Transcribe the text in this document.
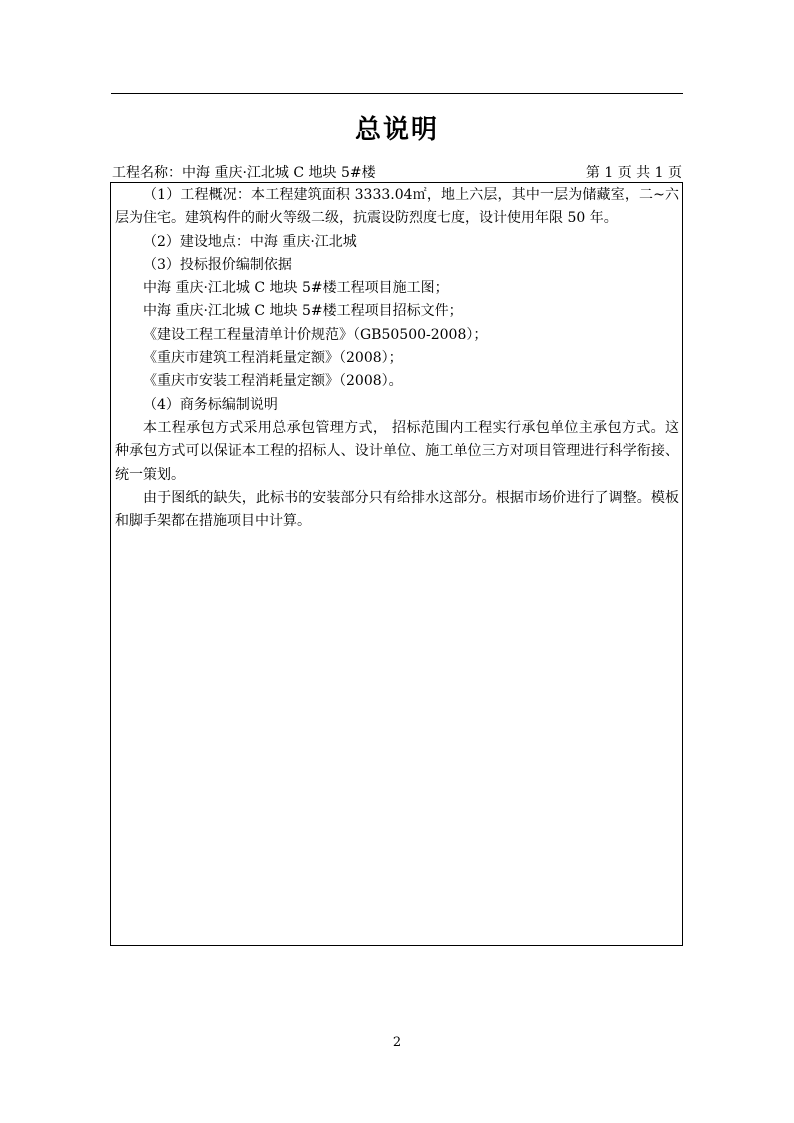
总说明
工程名称：中海 重庆·江北城 C 地块 5#楼	第 1 页 共 1 页

（1）工程概况：本工程建筑面积 3333.04㎡，地上六层，其中一层为储藏室，二~六层为住宅。建筑构件的耐火等级二级，抗震设防烈度七度，设计使用年限 50 年。

（2）建设地点：中海 重庆·江北城

（3）投标报价编制依据

中海 重庆·江北城 C 地块 5#楼工程项目施工图；

中海 重庆·江北城 C 地块 5#楼工程项目招标文件；

《建设工程工程量清单计价规范》（GB50500-2008）；

《重庆市建筑工程消耗量定额》（2008）；

《重庆市安装工程消耗量定额》（2008）。

（4）商务标编制说明

本工程承包方式采用总承包管理方式， 招标范围内工程实行承包单位主承包方式。这种承包方式可以保证本工程的招标人、设计单位、施工单位三方对项目管理进行科学衔接、统一策划。

由于图纸的缺失，此标书的安装部分只有给排水这部分。根据市场价进行了调整。模板和脚手架都在措施项目中计算。

2
